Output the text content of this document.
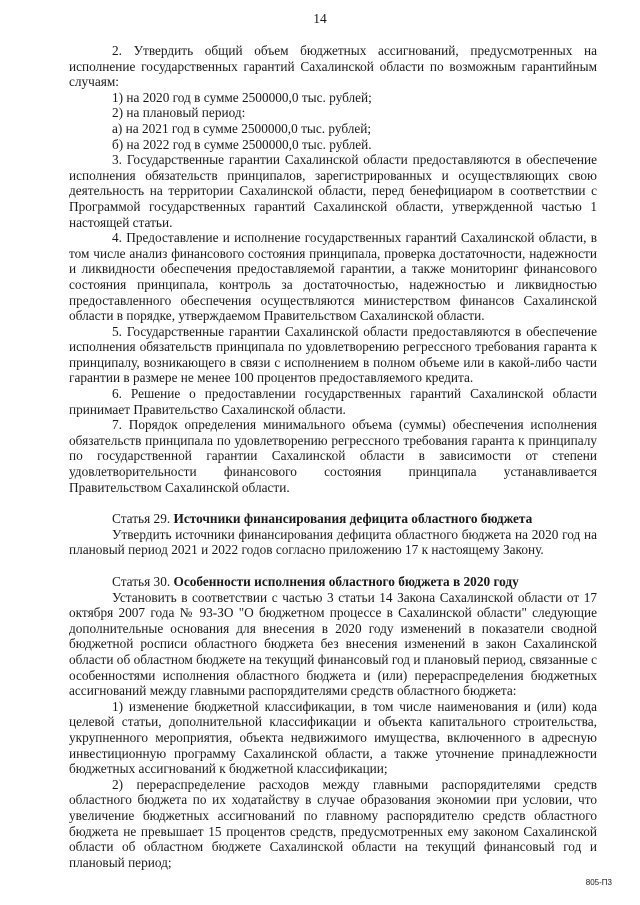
14

2. Утвердить общий объем бюджетных ассигнований, предусмотренных на исполнение государственных гарантий Сахалинской области по возможным гарантийным случаям:

1) на 2020 год в сумме 2500000,0 тыс. рублей;

2) на плановый период:

а) на 2021 год в сумме 2500000,0 тыс. рублей;

б) на 2022 год в сумме 2500000,0 тыс. рублей.

3. Государственные гарантии Сахалинской области предоставляются в обеспечение исполнения обязательств принципалов, зарегистрированных и осуществляющих свою деятельность на территории Сахалинской области, перед бенефициаром в соответствии с Программой государственных гарантий Сахалинской области, утвержденной частью 1 настоящей статьи.

4. Предоставление и исполнение государственных гарантий Сахалинской области, в том числе анализ финансового состояния принципала, проверка достаточности, надежности и ликвидности обеспечения предоставляемой гарантии, а также мониторинг финансового состояния принципала, контроль за достаточностью, надежностью и ликвидностью предоставленного обеспечения осуществляются министерством финансов Сахалинской области в порядке, утверждаемом Правительством Сахалинской области.

5. Государственные гарантии Сахалинской области предоставляются в обеспечение исполнения обязательств принципала по удовлетворению регрессного требования гаранта к принципалу, возникающего в связи с исполнением в полном объеме или в какой-либо части гарантии в размере не менее 100 процентов предоставляемого кредита.

6. Решение о предоставлении государственных гарантий Сахалинской области принимает Правительство Сахалинской области.

7. Порядок определения минимального объема (суммы) обеспечения исполнения обязательств принципала по удовлетворению регрессного требования гаранта к принципалу по государственной гарантии Сахалинской области в зависимости от степени удовлетворительности финансового состояния принципала устанавливается Правительством Сахалинской области.

Статья 29. Источники финансирования дефицита областного бюджета

Утвердить источники финансирования дефицита областного бюджета на 2020 год на плановый период 2021 и 2022 годов согласно приложению 17 к настоящему Закону.

Статья 30. Особенности исполнения областного бюджета в 2020 году

Установить в соответствии с частью 3 статьи 14 Закона Сахалинской области от 17 октября 2007 года № 93-ЗО "О бюджетном процессе в Сахалинской области" следующие дополнительные основания для внесения в 2020 году изменений в показатели сводной бюджетной росписи областного бюджета без внесения изменений в закон Сахалинской области об областном бюджете на текущий финансовый год и плановый период, связанные с особенностями исполнения областного бюджета и (или) перераспределения бюджетных ассигнований между главными распорядителями средств областного бюджета:

1) изменение бюджетной классификации, в том числе наименования и (или) кода целевой статьи, дополнительной классификации и объекта капитального строительства, укрупненного мероприятия, объекта недвижимого имущества, включенного в адресную инвестиционную программу Сахалинской области, а также уточнение принадлежности бюджетных ассигнований к бюджетной классификации;

2) перераспределение расходов между главными распорядителями средств областного бюджета по их ходатайству в случае образования экономии при условии, что увеличение бюджетных ассигнований по главному распорядителю средств областного бюджета не превышает 15 процентов средств, предусмотренных ему законом Сахалинской области об областном бюджете Сахалинской области на текущий финансовый год и плановый период;

805-П3
